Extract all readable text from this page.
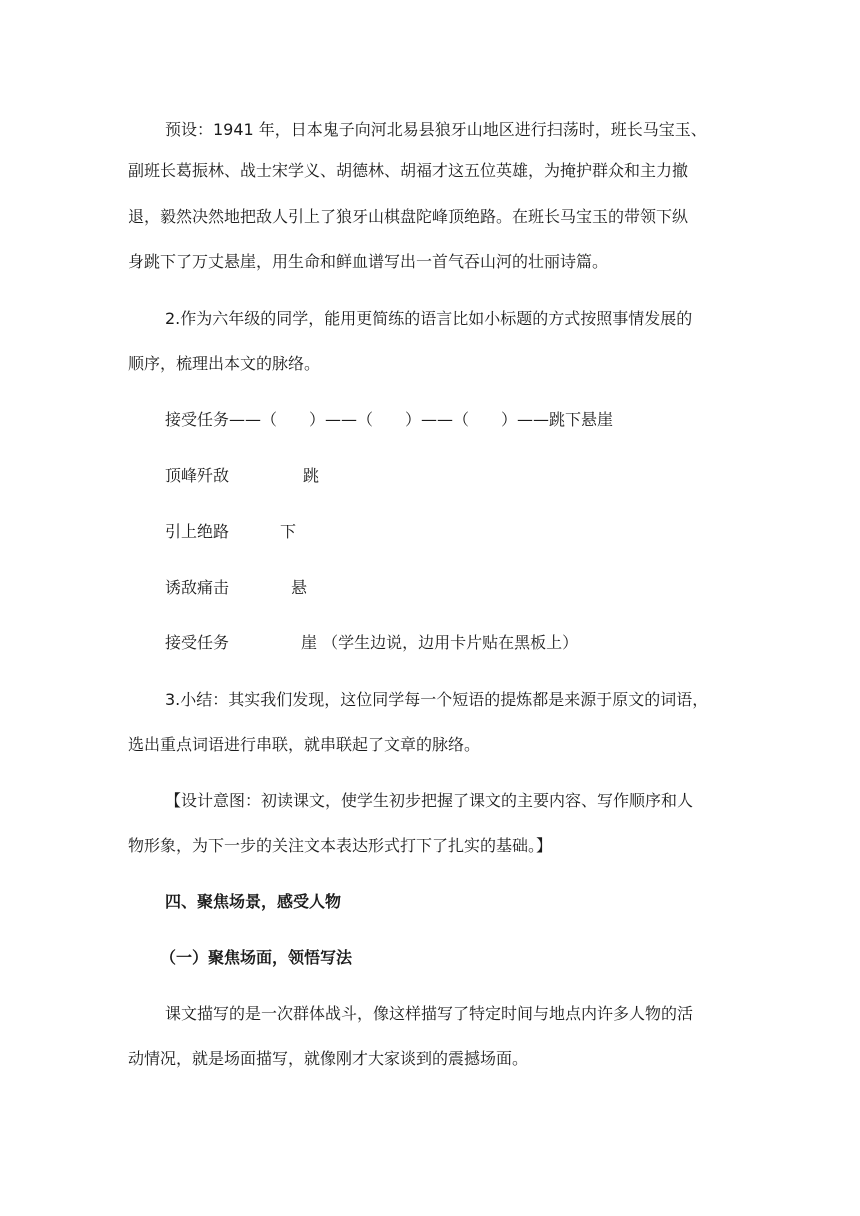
预设：1941 年，日本鬼子向河北易县狼牙山地区进行扫荡时，班长马宝玉、
副班长葛振林、战士宋学义、胡德林、胡福才这五位英雄，为掩护群众和主力撤
退，毅然决然地把敌人引上了狼牙山棋盘陀峰顶绝路。在班长马宝玉的带领下纵
身跳下了万丈悬崖，用生命和鲜血谱写出一首气吞山河的壮丽诗篇。
2.作为六年级的同学，能用更简练的语言比如小标题的方式按照事情发展的
顺序，梳理出本文的脉络。
接受任务——（　　）——（　　）——（　　）——跳下悬崖
顶峰歼敌	跳
引上绝路	下
诱敌痛击	悬
接受任务	崖 （学生边说，边用卡片贴在黑板上）
3.小结：其实我们发现，这位同学每一个短语的提炼都是来源于原文的词语，
选出重点词语进行串联，就串联起了文章的脉络。
【设计意图：初读课文，使学生初步把握了课文的主要内容、写作顺序和人
物形象，为下一步的关注文本表达形式打下了扎实的基础。】
四、聚焦场景，感受人物
（一）聚焦场面，领悟写法
课文描写的是一次群体战斗，像这样描写了特定时间与地点内许多人物的活
动情况，就是场面描写，就像刚才大家谈到的震撼场面。
